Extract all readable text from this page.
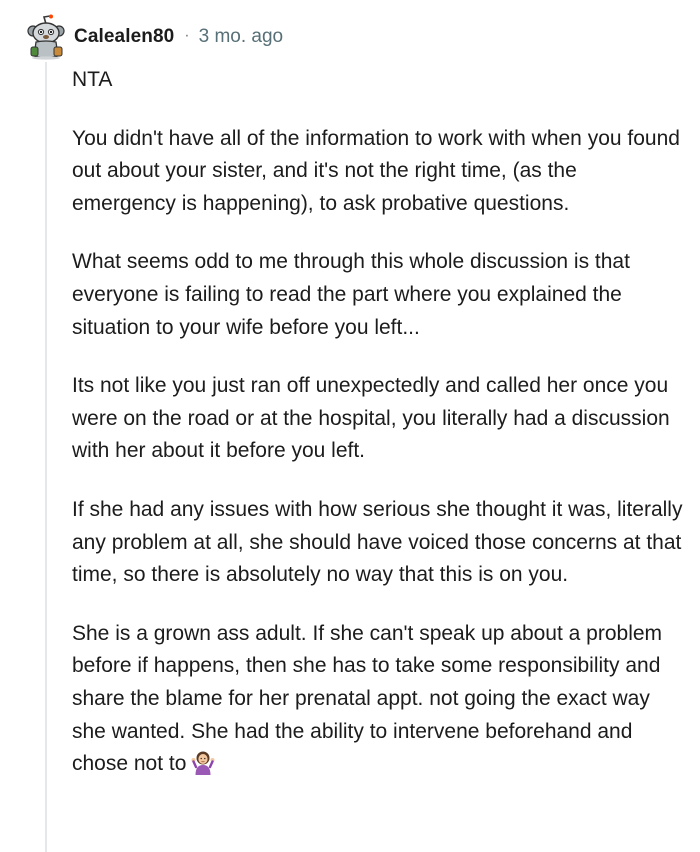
Calealen80 · 3 mo. ago

NTA

You didn't have all of the information to work with when you found out about your sister, and it's not the right time, (as the emergency is happening), to ask probative questions.

What seems odd to me through this whole discussion is that everyone is failing to read the part where you explained the situation to your wife before you left...

Its not like you just ran off unexpectedly and called her once you were on the road or at the hospital, you literally had a discussion with her about it before you left.

If she had any issues with how serious she thought it was, literally any problem at all, she should have voiced those concerns at that time, so there is absolutely no way that this is on you.

She is a grown ass adult. If she can't speak up about a problem before if happens, then she has to take some responsibility and share the blame for her prenatal appt. not going the exact way she wanted. She had the ability to intervene beforehand and chose not to
